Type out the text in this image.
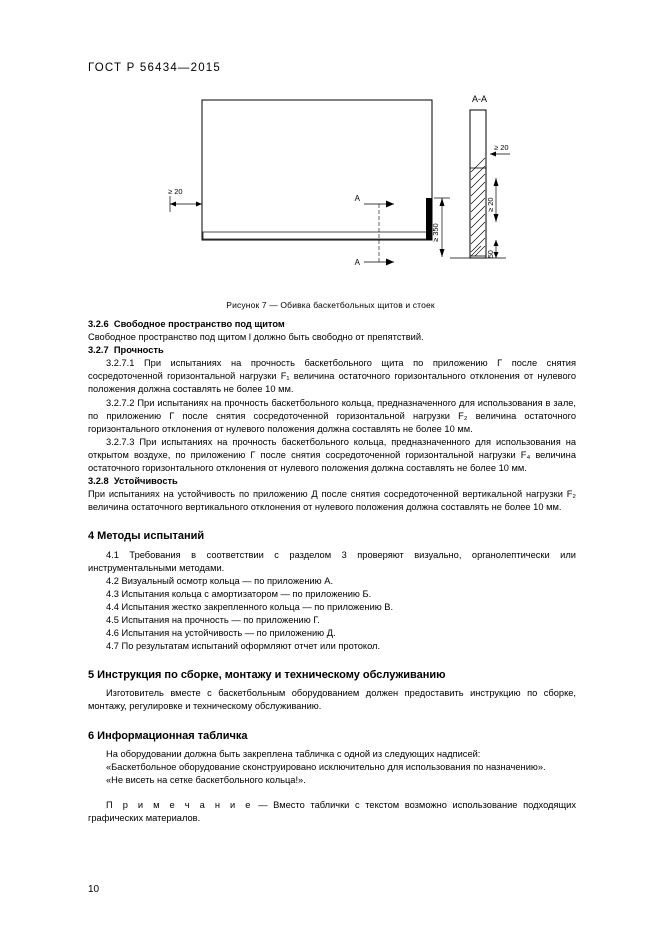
ГОСТ Р 56434—2015
≥ 20
А
А
≥ 350
А-А
≥ 20
≥ 20
50
Рисунок 7 — Обивка баскетбольных щитов и стоек

3.2.6 Свободное пространство под щитом

Свободное пространство под щитом l должно быть свободно от препятствий.

3.2.7 Прочность

3.2.7.1 При испытаниях на прочность баскетбольного щита по приложению Г после снятия сосредоточенной горизонтальной нагрузки F₁ величина остаточного горизонтального отклонения от нулевого положения должна составлять не более 10 мм.

3.2.7.2 При испытаниях на прочность баскетбольного кольца, предназначенного для использования в зале, по приложению Г после снятия сосредоточенной горизонтальной нагрузки F₂ величина остаточного горизонтального отклонения от нулевого положения должна составлять не более 10 мм.

3.2.7.3 При испытаниях на прочность баскетбольного кольца, предназначенного для использования на открытом воздухе, по приложению Г после снятия сосредоточенной горизонтальной нагрузки F₄ величина остаточного горизонтального отклонения от нулевого положения должна составлять не более 10 мм.

3.2.8 Устойчивость

При испытаниях на устойчивость по приложению Д после снятия сосредоточенной вертикальной нагрузки F₂ величина остаточного вертикального отклонения от нулевого положения должна составлять не более 10 мм.

4 Методы испытаний

4.1 Требования в соответствии с разделом 3 проверяют визуально, органолептически или инструментальными методами.

4.2 Визуальный осмотр кольца — по приложению А.

4.3 Испытания кольца с амортизатором — по приложению Б.

4.4 Испытания жестко закрепленного кольца — по приложению В.

4.5 Испытания на прочность — по приложению Г.

4.6 Испытания на устойчивость — по приложению Д.

4.7 По результатам испытаний оформляют отчет или протокол.

5 Инструкция по сборке, монтажу и техническому обслуживанию

Изготовитель вместе с баскетбольным оборудованием должен предоставить инструкцию по сборке, монтажу, регулировке и техническому обслуживанию.

6 Информационная табличка

На оборудовании должна быть закреплена табличка с одной из следующих надписей:

«Баскетбольное оборудование сконструировано исключительно для использования по назначению».

«Не висеть на сетке баскетбольного кольца!».

П р и м е ч а н и е — Вместо таблички с текстом возможно использование подходящих графических материалов.

10
